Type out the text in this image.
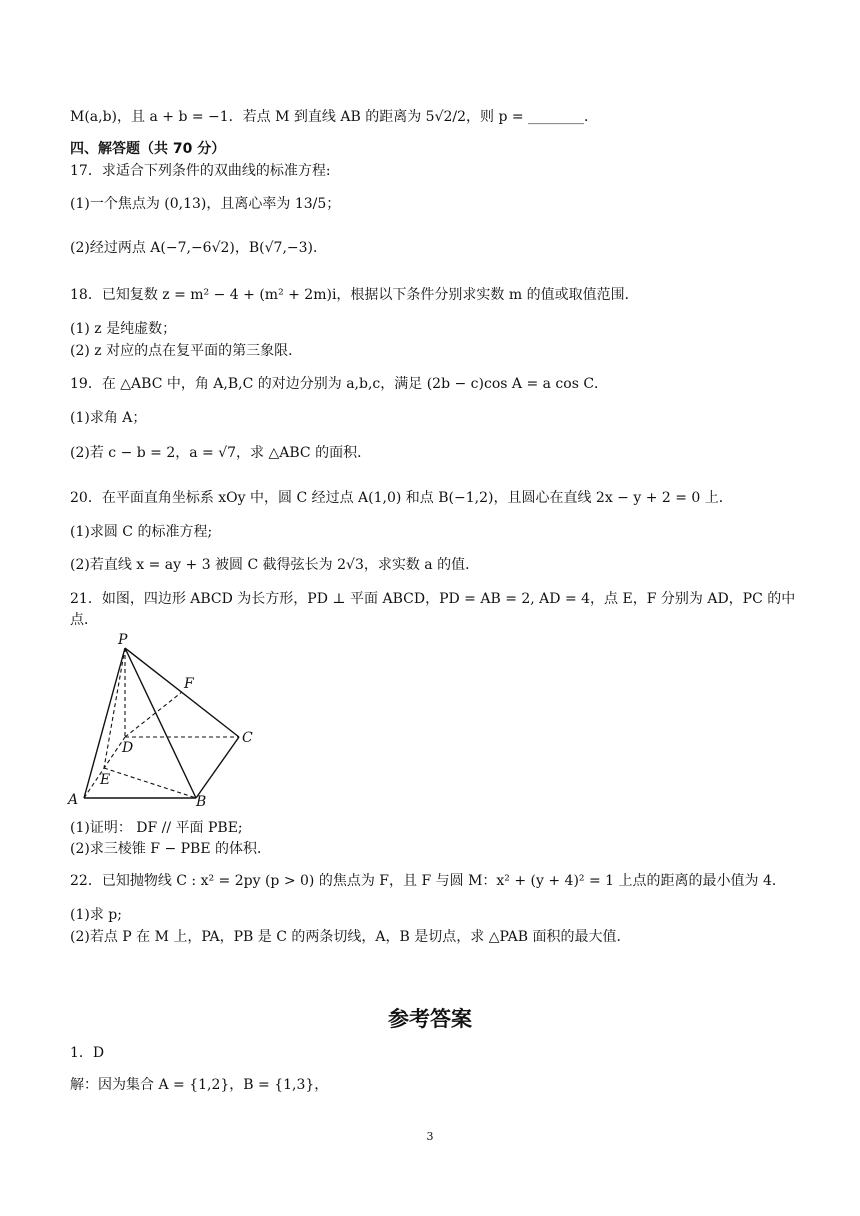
M(a,b)，且 a + b = −1．若点 M 到直线 AB 的距离为 5√2/2，则 p = ________．
四、解答题（共 70 分）
17．求适合下列条件的双曲线的标准方程:
(1)一个焦点为 (0,13)，且离心率为 13/5；
(2)经过两点 A(−7,−6√2)，B(√7,−3)．
18．已知复数 z = m² − 4 + (m² + 2m)i，根据以下条件分别求实数 m 的值或取值范围．
(1) z 是纯虚数；
(2) z 对应的点在复平面的第三象限．
19．在 △ABC 中，角 A,B,C 的对边分别为 a,b,c，满足 (2b − c)cos A = a cos C．
(1)求角 A；
(2)若 c − b = 2，a = √7，求 △ABC 的面积．
20．在平面直角坐标系 xOy 中，圆 C 经过点 A(1,0) 和点 B(−1,2)，且圆心在直线 2x − y + 2 = 0 上．
(1)求圆 C 的标准方程;
(2)若直线 x = ay + 3 被圆 C 截得弦长为 2√3，求实数 a 的值．
21．如图，四边形 ABCD 为长方形，PD ⊥ 平面 ABCD，PD = AB = 2, AD = 4，点 E，F 分别为 AD，PC 的中
点．
P
F
D
C
E
A	B
(1)证明： DF // 平面 PBE;
(2)求三棱锥 F − PBE 的体积．
22．已知抛物线 C : x² = 2py (p > 0) 的焦点为 F，且 F 与圆 M：x² + (y + 4)² = 1 上点的距离的最小值为 4．
(1)求 p;
(2)若点 P 在 M 上，PA，PB 是 C 的两条切线，A，B 是切点，求 △PAB 面积的最大值．
参考答案
1．D
解：因为集合 A = {1,2}，B = {1,3}，
3
